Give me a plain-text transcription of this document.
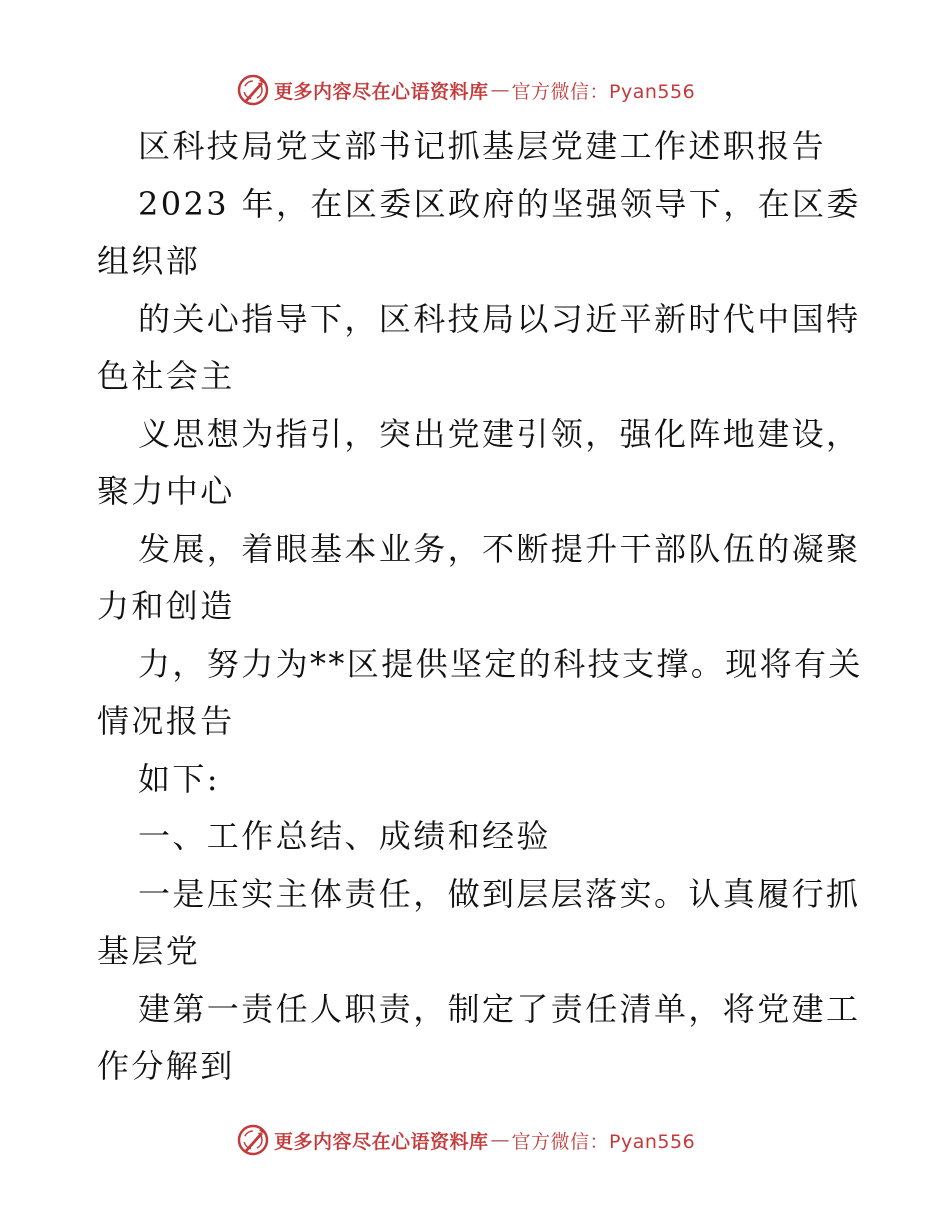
更多内容尽在心语资料库 — 官方微信：Pyan556
区科技局党支部书记抓基层党建工作述职报告
2023 年，在区委区政府的坚强领导下，在区委
组织部
的关心指导下，区科技局以习近平新时代中国特
色社会主
义思想为指引，突出党建引领，强化阵地建设，
聚力中心
发展，着眼基本业务，不断提升干部队伍的凝聚
力和创造
力，努力为**区提供坚定的科技支撑。现将有关
情况报告
如下:
一、工作总结、成绩和经验
一是压实主体责任，做到层层落实。认真履行抓
基层党
建第一责任人职责，制定了责任清单，将党建工
作分解到
更多内容尽在心语资料库 — 官方微信：Pyan556
